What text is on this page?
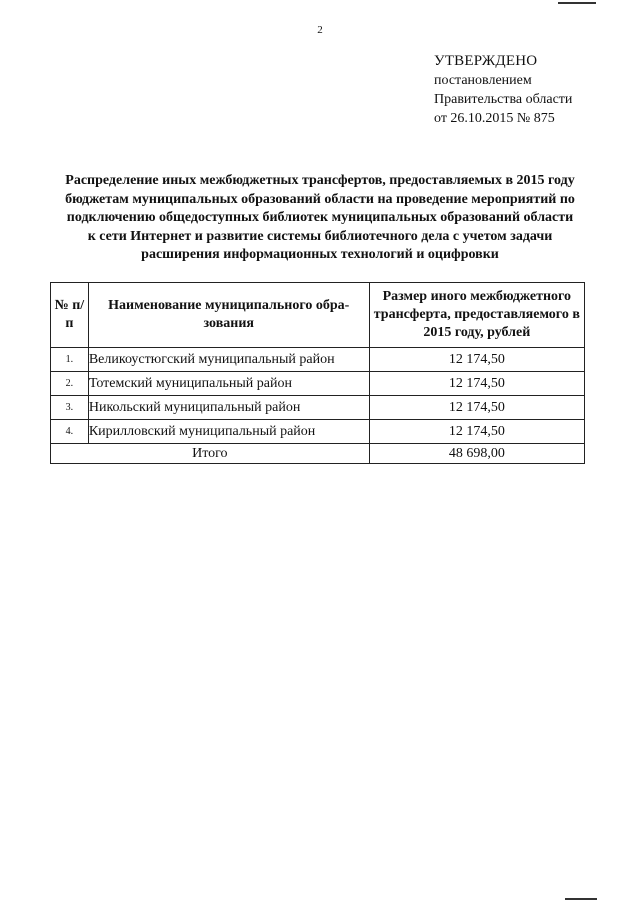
2
УТВЕРЖДЕНО
постановлением
Правительства области
от 26.10.2015 № 875
Распределение иных межбюджетных трансфертов, предоставляемых в 2015 году
бюджетам муниципальных образований области на проведение мероприятий по
подключению общедоступных библиотек муниципальных образований области
к сети Интернет и развитие системы библиотечного дела с учетом задачи
расширения информационных технологий и оцифровки
№ п/п	Наименование муниципального обра-зования	Размер иного межбюджетного трансферта, предоставляемого в 2015 году, рублей
1.	Великоустюгский муниципальный район	12 174,50
2.	Тотемский муниципальный район	12 174,50
3.	Никольский муниципальный район	12 174,50
4.	Кирилловский муниципальный район	12 174,50
Итого		48 698,00
